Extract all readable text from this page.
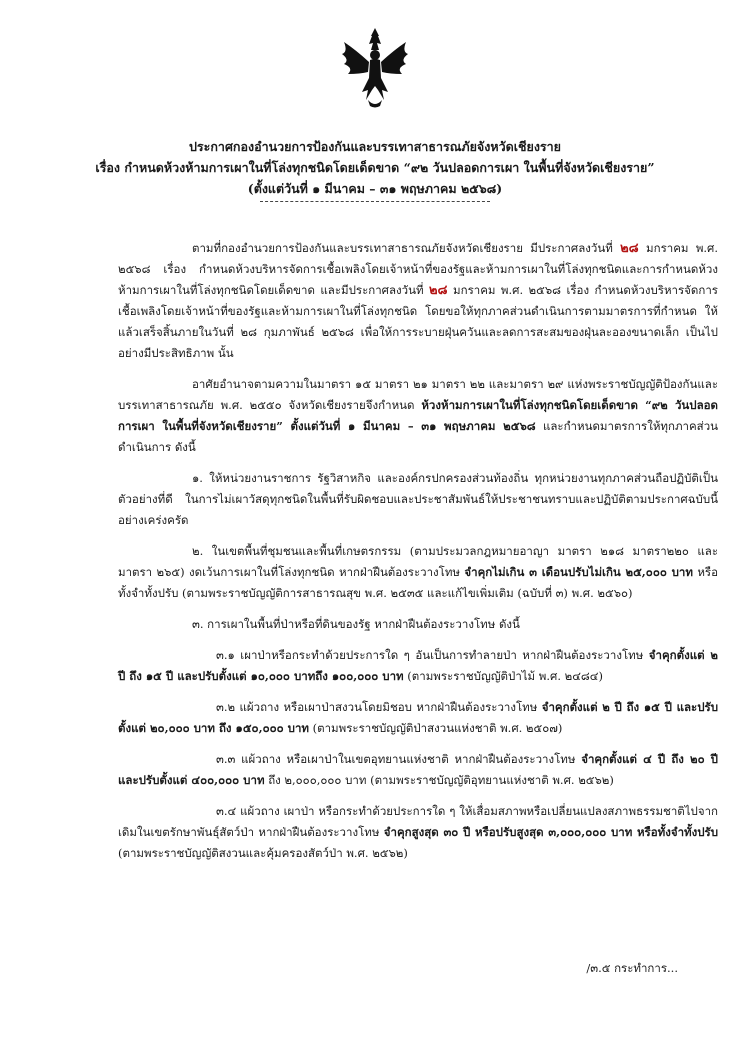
ประกาศกองอำนวยการป้องกันและบรรเทาสาธารณภัยจังหวัดเชียงราย
เรื่อง กำหนดห้วงห้ามการเผาในที่โล่งทุกชนิดโดยเด็ดขาด “๙๒ วันปลอดการเผา ในพื้นที่จังหวัดเชียงราย”
(ตั้งแต่วันที่ ๑ มีนาคม – ๓๑ พฤษภาคม ๒๕๖๘)

ตามที่กองอำนวยการป้องกันและบรรเทาสาธารณภัยจังหวัดเชียงราย มีประกาศลงวันที่ ๒๘ มกราคม พ.ศ. ๒๕๖๘ เรื่อง กำหนดห้วงบริหารจัดการเชื้อเพลิงโดยเจ้าหน้าที่ของรัฐและห้ามการเผาในที่โล่งทุกชนิดและการกำหนดห้วงห้ามการเผาในที่โล่งทุกชนิดโดยเด็ดขาด และมีประกาศลงวันที่ ๒๘ มกราคม พ.ศ. ๒๕๖๘ เรื่อง กำหนดห้วงบริหารจัดการเชื้อเพลิงโดยเจ้าหน้าที่ของรัฐและห้ามการเผาในที่โล่งทุกชนิด โดยขอให้ทุกภาคส่วนดำเนินการตามมาตรการที่กำหนด ให้แล้วเสร็จสิ้นภายในวันที่ ๒๘ กุมภาพันธ์ ๒๕๖๘ เพื่อให้การระบายฝุ่นควันและลดการสะสมของฝุ่นละอองขนาดเล็ก เป็นไปอย่างมีประสิทธิภาพ นั้น

อาศัยอำนาจตามความในมาตรา ๑๕ มาตรา ๒๑ มาตรา ๒๒ และมาตรา ๒๙ แห่งพระราชบัญญัติป้องกันและบรรเทาสาธารณภัย พ.ศ. ๒๕๕๐ จังหวัดเชียงรายจึงกำหนด ห้วงห้ามการเผาในที่โล่งทุกชนิดโดยเด็ดขาด “๙๒ วันปลอดการเผา ในพื้นที่จังหวัดเชียงราย” ตั้งแต่วันที่ ๑ มีนาคม – ๓๑ พฤษภาคม ๒๕๖๘ และกำหนดมาตรการให้ทุกภาคส่วนดำเนินการ ดังนี้

๑. ให้หน่วยงานราชการ รัฐวิสาหกิจ และองค์กรปกครองส่วนท้องถิ่น ทุกหน่วยงานทุกภาคส่วนถือปฏิบัติเป็นตัวอย่างที่ดี ในการไม่เผาวัสดุทุกชนิดในพื้นที่รับผิดชอบและประชาสัมพันธ์ให้ประชาชนทราบและปฏิบัติตามประกาศฉบับนี้อย่างเคร่งครัด

๒. ในเขตพื้นที่ชุมชนและพื้นที่เกษตรกรรม (ตามประมวลกฎหมายอาญา มาตรา ๒๑๘ มาตรา๒๒๐ และมาตรา ๒๖๕) งดเว้นการเผาในที่โล่งทุกชนิด หากฝ่าฝืนต้องระวางโทษ จำคุกไม่เกิน ๓ เดือนปรับไม่เกิน ๒๕,๐๐๐ บาท หรือทั้งจำทั้งปรับ (ตามพระราชบัญญัติการสาธารณสุข พ.ศ. ๒๕๓๕ และแก้ไขเพิ่มเติม (ฉบับที่ ๓) พ.ศ. ๒๕๖๐)

๓. การเผาในพื้นที่ป่าหรือที่ดินของรัฐ หากฝ่าฝืนต้องระวางโทษ ดังนี้

๓.๑ เผาป่าหรือกระทำด้วยประการใด ๆ อันเป็นการทำลายป่า หากฝ่าฝืนต้องระวางโทษ จำคุกตั้งแต่ ๒ ปี ถึง ๑๕ ปี และปรับตั้งแต่ ๑๐,๐๐๐ บาทถึง ๑๐๐,๐๐๐ บาท (ตามพระราชบัญญัติป่าไม้ พ.ศ. ๒๔๘๔)

๓.๒ แผ้วถาง หรือเผาป่าสงวนโดยมิชอบ หากฝ่าฝืนต้องระวางโทษ จำคุกตั้งแต่ ๒ ปี ถึง ๑๕ ปี และปรับตั้งแต่ ๒๐,๐๐๐ บาท ถึง ๑๕๐,๐๐๐ บาท (ตามพระราชบัญญัติป่าสงวนแห่งชาติ พ.ศ. ๒๕๐๗)

๓.๓ แผ้วถาง หรือเผาป่าในเขตอุทยานแห่งชาติ หากฝ่าฝืนต้องระวางโทษ จำคุกตั้งแต่ ๔ ปี ถึง ๒๐ ปี และปรับตั้งแต่ ๔๐๐,๐๐๐ บาท ถึง ๒,๐๐๐,๐๐๐ บาท (ตามพระราชบัญญัติอุทยานแห่งชาติ พ.ศ. ๒๕๖๒)

๓.๔ แผ้วถาง เผาป่า หรือกระทำด้วยประการใด ๆ ให้เสื่อมสภาพหรือเปลี่ยนแปลงสภาพธรรมชาติไปจากเดิมในเขตรักษาพันธุ์สัตว์ป่า หากฝ่าฝืนต้องระวางโทษ จำคุกสูงสุด ๓๐ ปี หรือปรับสูงสุด ๓,๐๐๐,๐๐๐ บาท หรือทั้งจำทั้งปรับ (ตามพระราชบัญญัติสงวนและคุ้มครองสัตว์ป่า พ.ศ. ๒๕๖๒)

/๓.๕ กระทำการ...
